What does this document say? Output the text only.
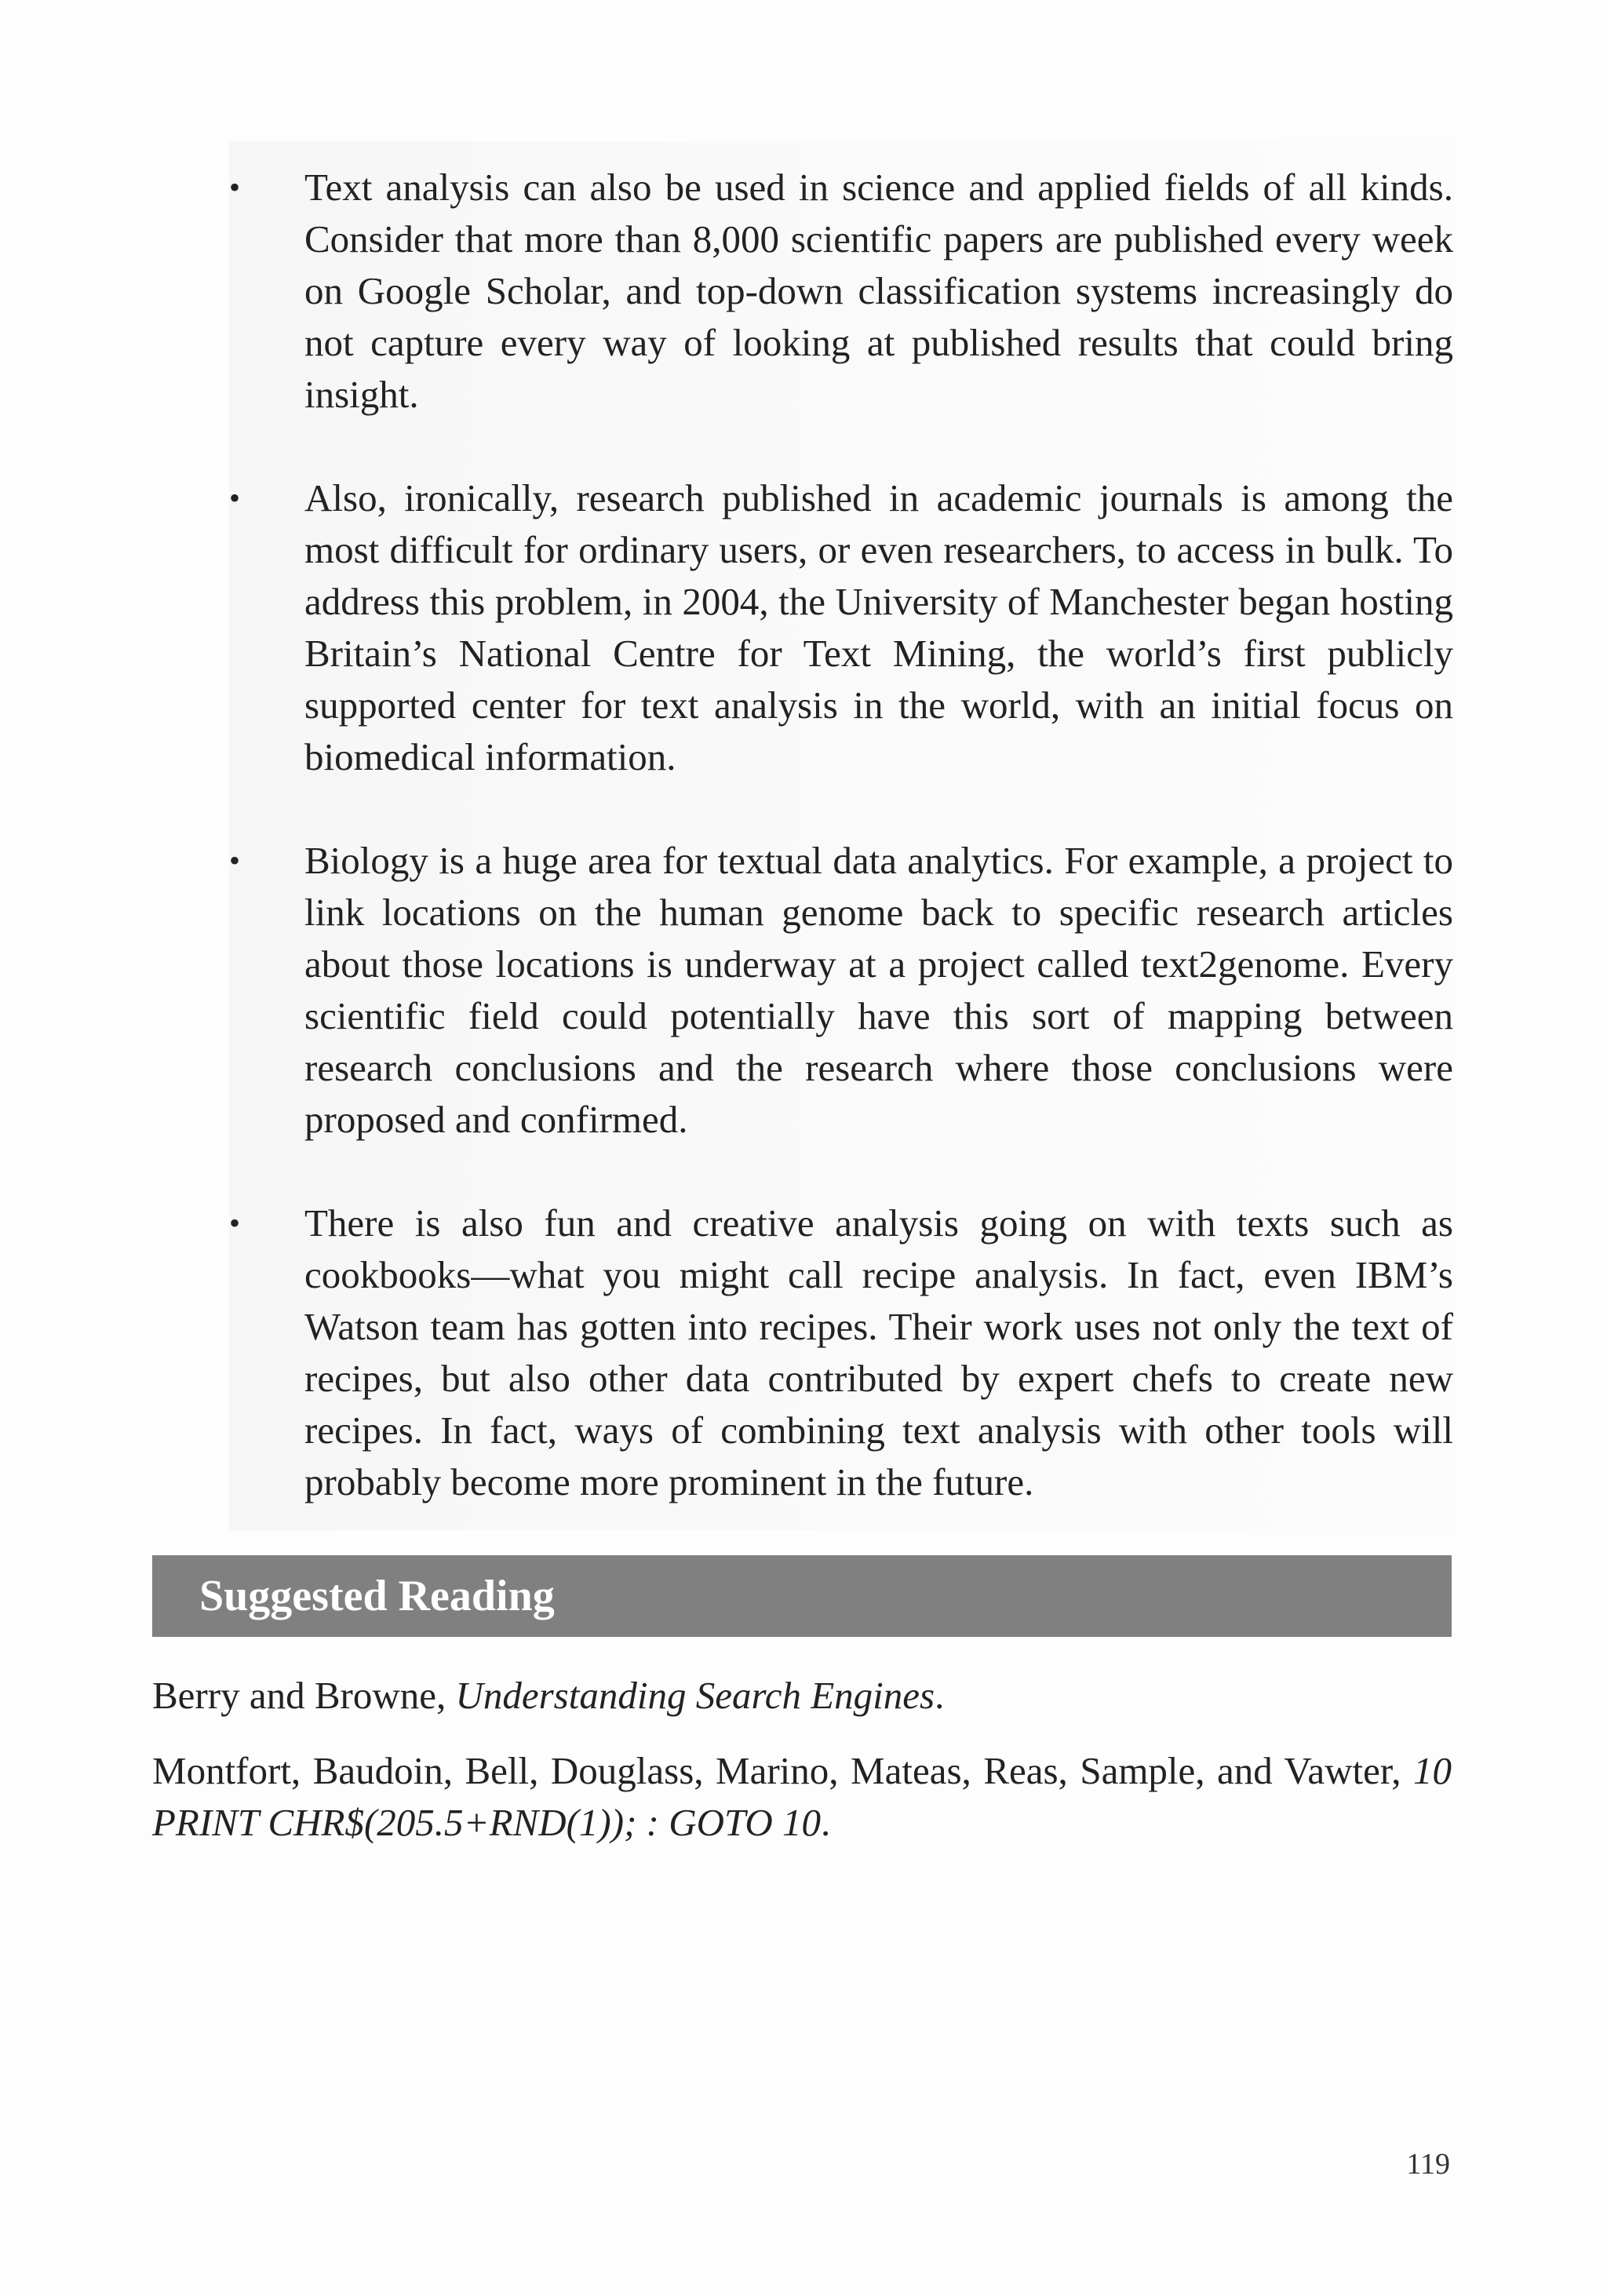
• Text analysis can also be used in science and applied fields of all kinds. Consider that more than 8,000 scientific papers are published every week on Google Scholar, and top-down classification systems increasingly do not capture every way of looking at published results that could bring insight.
• Also, ironically, research published in academic journals is among the most difficult for ordinary users, or even researchers, to access in bulk. To address this problem, in 2004, the University of Manchester began hosting Britain’s National Centre for Text Mining, the world’s first publicly supported center for text analysis in the world, with an initial focus on biomedical information.
• Biology is a huge area for textual data analytics. For example, a project to link locations on the human genome back to specific research articles about those locations is underway at a project called text2genome. Every scientific field could potentially have this sort of mapping between research conclusions and the research where those conclusions were proposed and confirmed.
• There is also fun and creative analysis going on with texts such as cookbooks—what you might call recipe analysis. In fact, even IBM’s Watson team has gotten into recipes. Their work uses not only the text of recipes, but also other data contributed by expert chefs to create new recipes. In fact, ways of combining text analysis with other tools will probably become more prominent in the future.
Suggested Reading

Berry and Browne, Understanding Search Engines.

Montfort, Baudoin, Bell, Douglass, Marino, Mateas, Reas, Sample, and Vawter, 10 PRINT CHR$(205.5+RND(1)); : GOTO 10.

119
